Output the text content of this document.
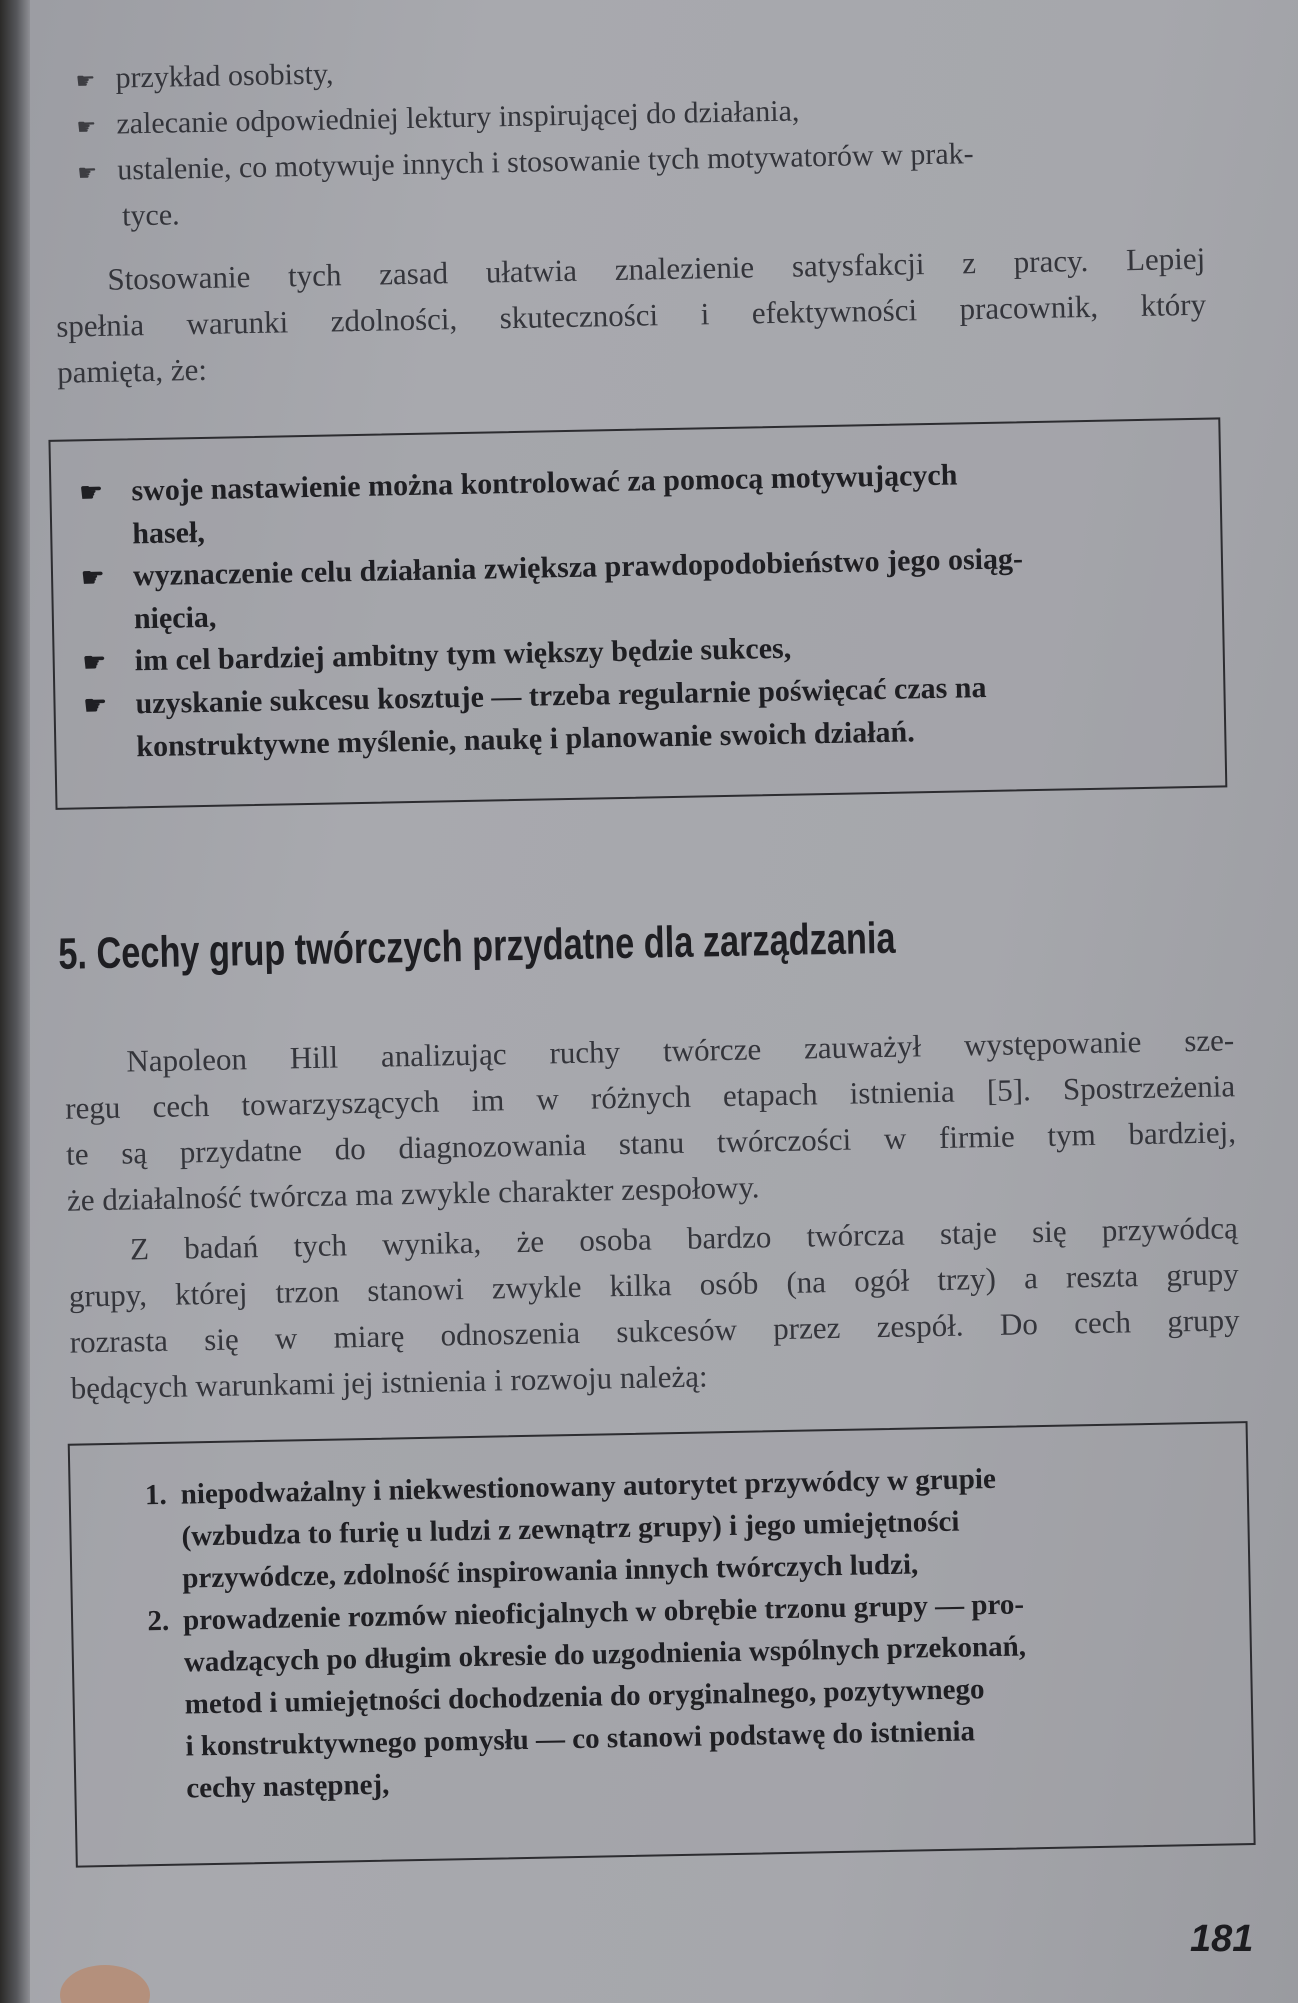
☛ przykład osobisty,
☛ zalecanie odpowiedniej lektury inspirującej do działania,
☛ ustalenie, co motywuje innych i stosowanie tych motywatorów w prak-
tyce.
Stosowanie tych zasad ułatwia znalezienie satysfakcji z pracy. Lepiej
spełnia warunki zdolności, skuteczności i efektywności pracownik, który
pamięta, że:
☛ swoje nastawienie można kontrolować za pomocą motywujących
haseł,
☛ wyznaczenie celu działania zwiększa prawdopodobieństwo jego osiąg-
nięcia,
☛ im cel bardziej ambitny tym większy będzie sukces,
☛ uzyskanie sukcesu kosztuje — trzeba regularnie poświęcać czas na
konstruktywne myślenie, naukę i planowanie swoich działań.
5. Cechy grup twórczych przydatne dla zarządzania
Napoleon Hill analizując ruchy twórcze zauważył występowanie sze-
regu cech towarzyszących im w różnych etapach istnienia [5]. Spostrzeżenia
te są przydatne do diagnozowania stanu twórczości w firmie tym bardziej,
że działalność twórcza ma zwykle charakter zespołowy.
Z badań tych wynika, że osoba bardzo twórcza staje się przywódcą
grupy, której trzon stanowi zwykle kilka osób (na ogół trzy) a reszta grupy
rozrasta się w miarę odnoszenia sukcesów przez zespół. Do cech grupy
będących warunkami jej istnienia i rozwoju należą:
1. niepodważalny i niekwestionowany autorytet przywódcy w grupie
(wzbudza to furię u ludzi z zewnątrz grupy) i jego umiejętności
przywódcze, zdolność inspirowania innych twórczych ludzi,
2. prowadzenie rozmów nieoficjalnych w obrębie trzonu grupy — pro-
wadzących po długim okresie do uzgodnienia wspólnych przekonań,
metod i umiejętności dochodzenia do oryginalnego, pozytywnego
i konstruktywnego pomysłu — co stanowi podstawę do istnienia
cechy następnej,
181
